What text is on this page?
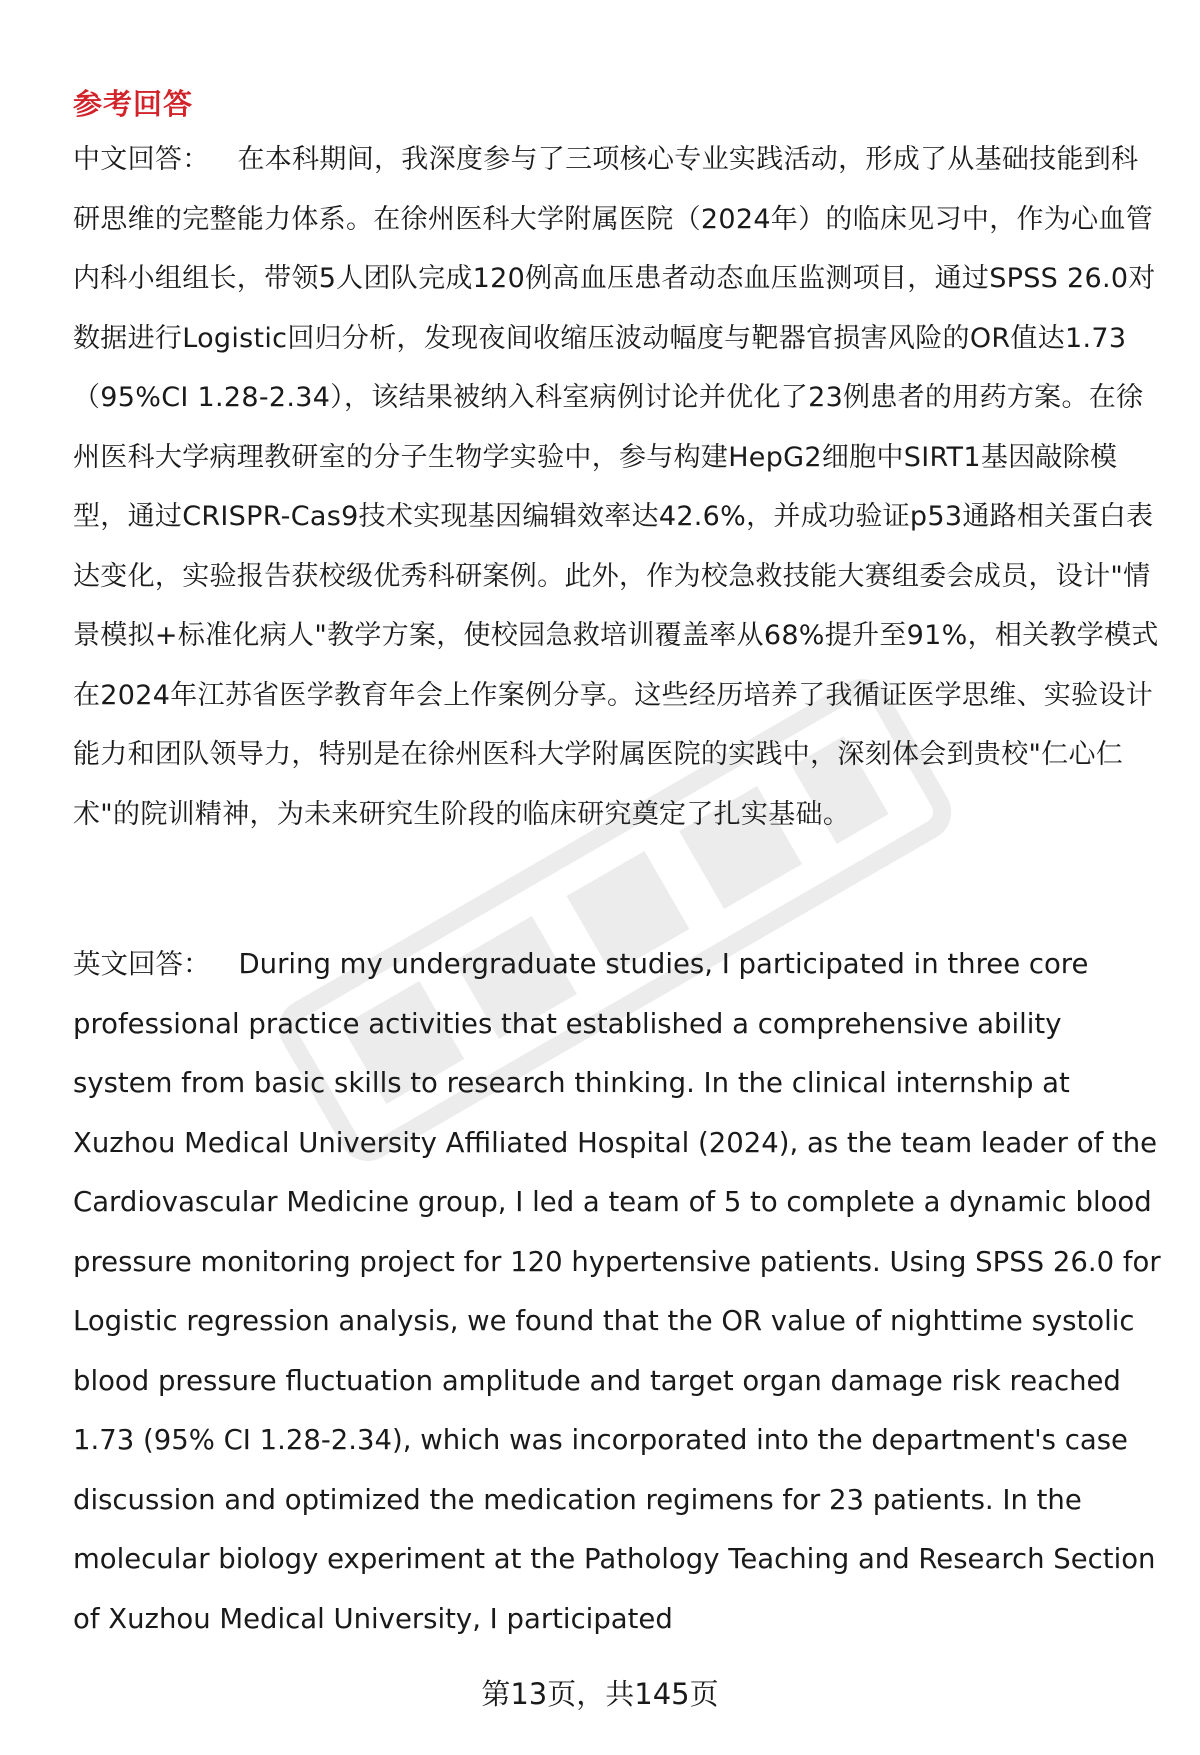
参考回答

中文回答： 在本科期间，我深度参与了三项核心专业实践活动，形成了从基础技能到科研思维的完整能力体系。在徐州医科大学附属医院（2024年）的临床见习中，作为心血管内科小组组长，带领5人团队完成120例高血压患者动态血压监测项目，通过SPSS 26.0对数据进行Logistic回归分析，发现夜间收缩压波动幅度与靶器官损害风险的OR值达1.73（95%CI 1.28-2.34），该结果被纳入科室病例讨论并优化了23例患者的用药方案。在徐州医科大学病理教研室的分子生物学实验中，参与构建HepG2细胞中SIRT1基因敲除模型，通过CRISPR-Cas9技术实现基因编辑效率达42.6%，并成功验证p53通路相关蛋白表达变化，实验报告获校级优秀科研案例。此外，作为校急救技能大赛组委会成员，设计"情景模拟+标准化病人"教学方案，使校园急救培训覆盖率从68%提升至91%，相关教学模式在2024年江苏省医学教育年会上作案例分享。这些经历培养了我循证医学思维、实验设计能力和团队领导力，特别是在徐州医科大学附属医院的实践中，深刻体会到贵校"仁心仁术"的院训精神，为未来研究生阶段的临床研究奠定了扎实基础。

英文回答： During my undergraduate studies, I participated in three core professional practice activities that established a comprehensive ability system from basic skills to research thinking. In the clinical internship at Xuzhou Medical University Affiliated Hospital (2024), as the team leader of the Cardiovascular Medicine group, I led a team of 5 to complete a dynamic blood pressure monitoring project for 120 hypertensive patients. Using SPSS 26.0 for Logistic regression analysis, we found that the OR value of nighttime systolic blood pressure fluctuation amplitude and target organ damage risk reached 1.73 (95% CI 1.28-2.34), which was incorporated into the department's case discussion and optimized the medication regimens for 23 patients. In the molecular biology experiment at the Pathology Teaching and Research Section of Xuzhou Medical University, I participated

第13页，共145页
